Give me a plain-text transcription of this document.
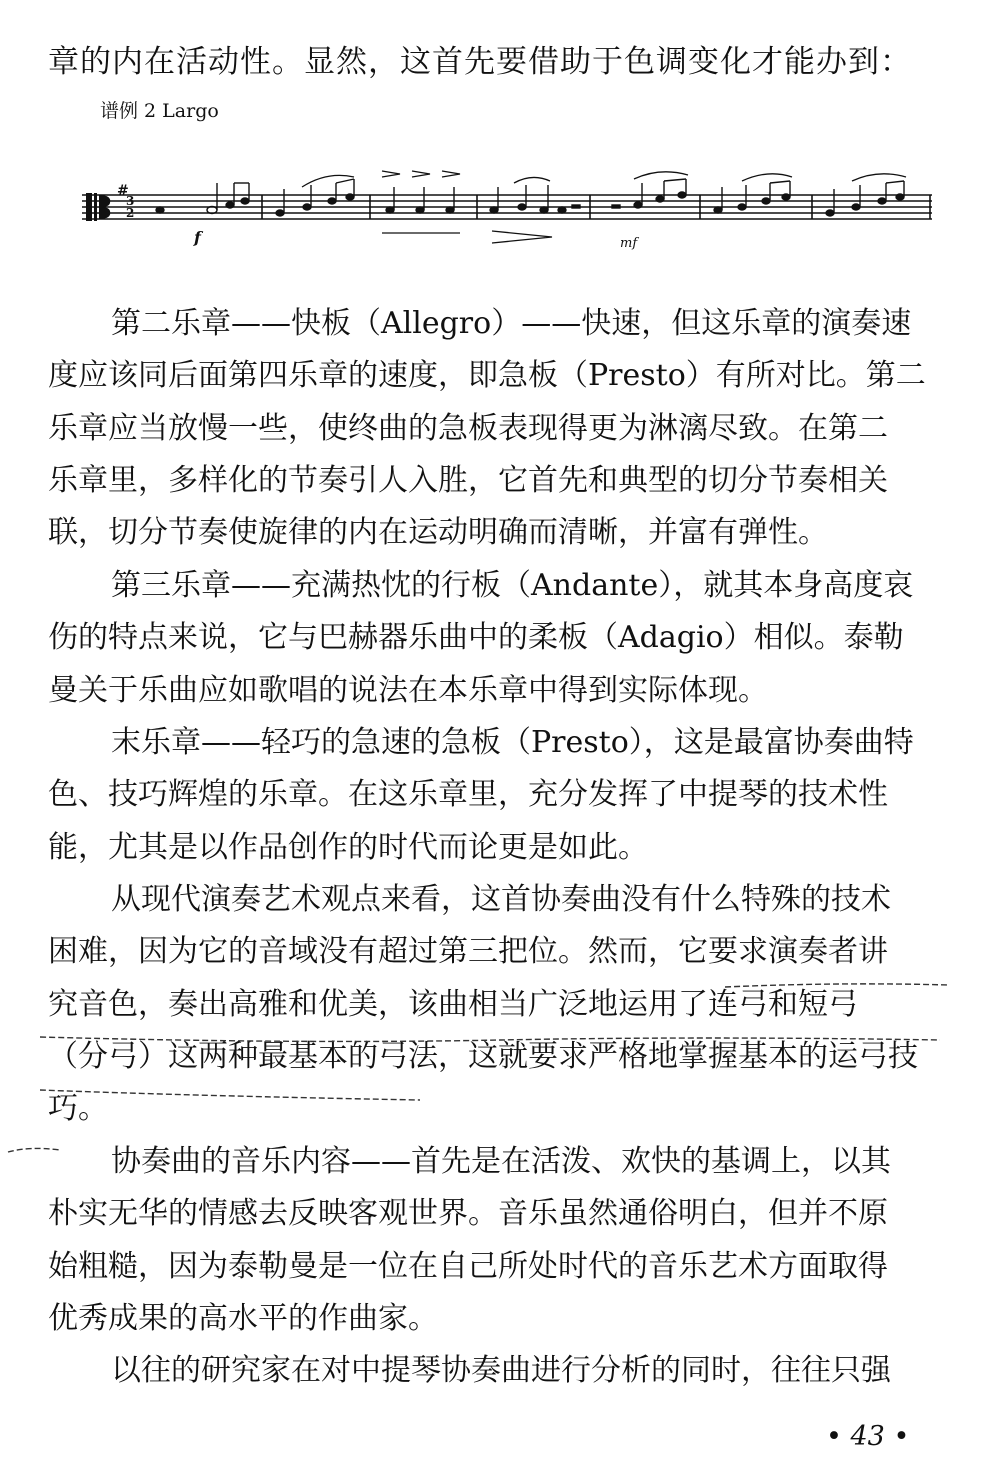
章的内在活动性。显然，这首先要借助于色调变化才能办到：
谱例 2 Largo
#
3
2
f	mf
第二乐章——快板（Allegro）——快速，但这乐章的演奏速
度应该同后面第四乐章的速度，即急板（Presto）有所对比。第二
乐章应当放慢一些，使终曲的急板表现得更为淋漓尽致。在第二
乐章里，多样化的节奏引人入胜，它首先和典型的切分节奏相关
联，切分节奏使旋律的内在运动明确而清晰，并富有弹性。
第三乐章——充满热忱的行板（Andante），就其本身高度哀
伤的特点来说，它与巴赫器乐曲中的柔板（Adagio）相似。泰勒
曼关于乐曲应如歌唱的说法在本乐章中得到实际体现。
末乐章——轻巧的急速的急板（Presto），这是最富协奏曲特
色、技巧辉煌的乐章。在这乐章里，充分发挥了中提琴的技术性
能，尤其是以作品创作的时代而论更是如此。
从现代演奏艺术观点来看，这首协奏曲没有什么特殊的技术
困难，因为它的音域没有超过第三把位。然而，它要求演奏者讲
究音色，奏出高雅和优美，该曲相当广泛地运用了连弓和短弓
（分弓）这两种最基本的弓法，这就要求严格地掌握基本的运弓技
巧。
协奏曲的音乐内容——首先是在活泼、欢快的基调上，以其
朴实无华的情感去反映客观世界。音乐虽然通俗明白，但并不原
始粗糙，因为泰勒曼是一位在自己所处时代的音乐艺术方面取得
优秀成果的高水平的作曲家。
以往的研究家在对中提琴协奏曲进行分析的同时，往往只强
• 43 •
